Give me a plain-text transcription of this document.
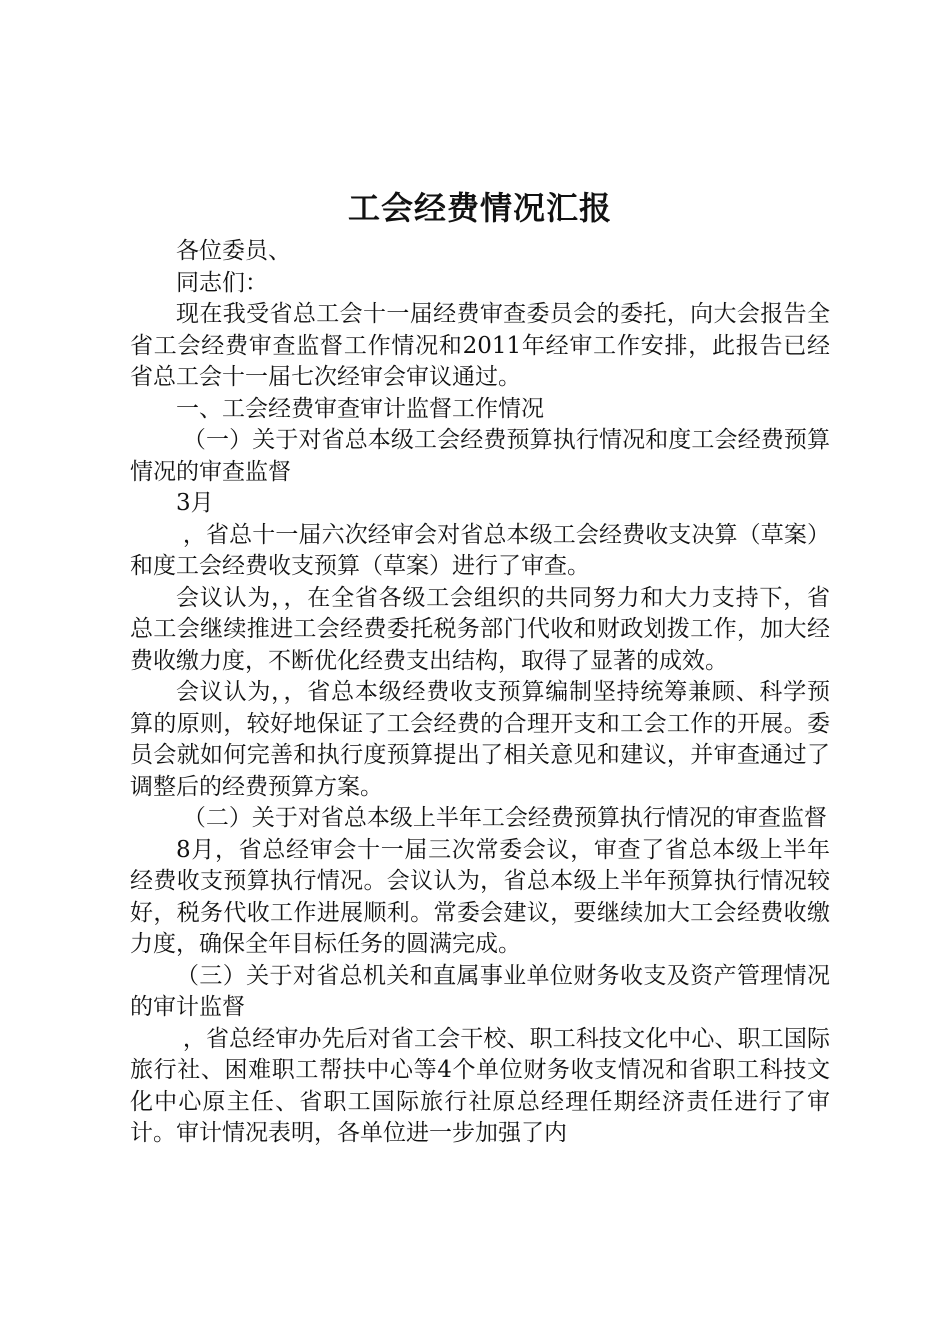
工会经费情况汇报

各位委员、

同志们：

现在我受省总工会十一届经费审查委员会的委托，向大会报告全省工会经费审查监督工作情况和2011年经审工作安排，此报告已经省总工会十一届七次经审会审议通过。

一、工会经费审查审计监督工作情况

（一）关于对省总本级工会经费预算执行情况和度工会经费预算情况的审查监督

3月

，省总十一届六次经审会对省总本级工会经费收支决算（草案）和度工会经费收支预算（草案）进行了审查。

会议认为，，在全省各级工会组织的共同努力和大力支持下，省总工会继续推进工会经费委托税务部门代收和财政划拨工作，加大经费收缴力度，不断优化经费支出结构，取得了显著的成效。

会议认为，，省总本级经费收支预算编制坚持统筹兼顾、科学预算的原则，较好地保证了工会经费的合理开支和工会工作的开展。委员会就如何完善和执行度预算提出了相关意见和建议，并审查通过了调整后的经费预算方案。

（二）关于对省总本级上半年工会经费预算执行情况的审查监督

8月，省总经审会十一届三次常委会议，审查了省总本级上半年经费收支预算执行情况。会议认为，省总本级上半年预算执行情况较好，税务代收工作进展顺利。常委会建议，要继续加大工会经费收缴力度，确保全年目标任务的圆满完成。

（三）关于对省总机关和直属事业单位财务收支及资产管理情况的审计监督

，省总经审办先后对省工会干校、职工科技文化中心、职工国际旅行社、困难职工帮扶中心等4个单位财务收支情况和省职工科技文化中心原主任、省职工国际旅行社原总经理任期经济责任进行了审计。审计情况表明，各单位进一步加强了内
